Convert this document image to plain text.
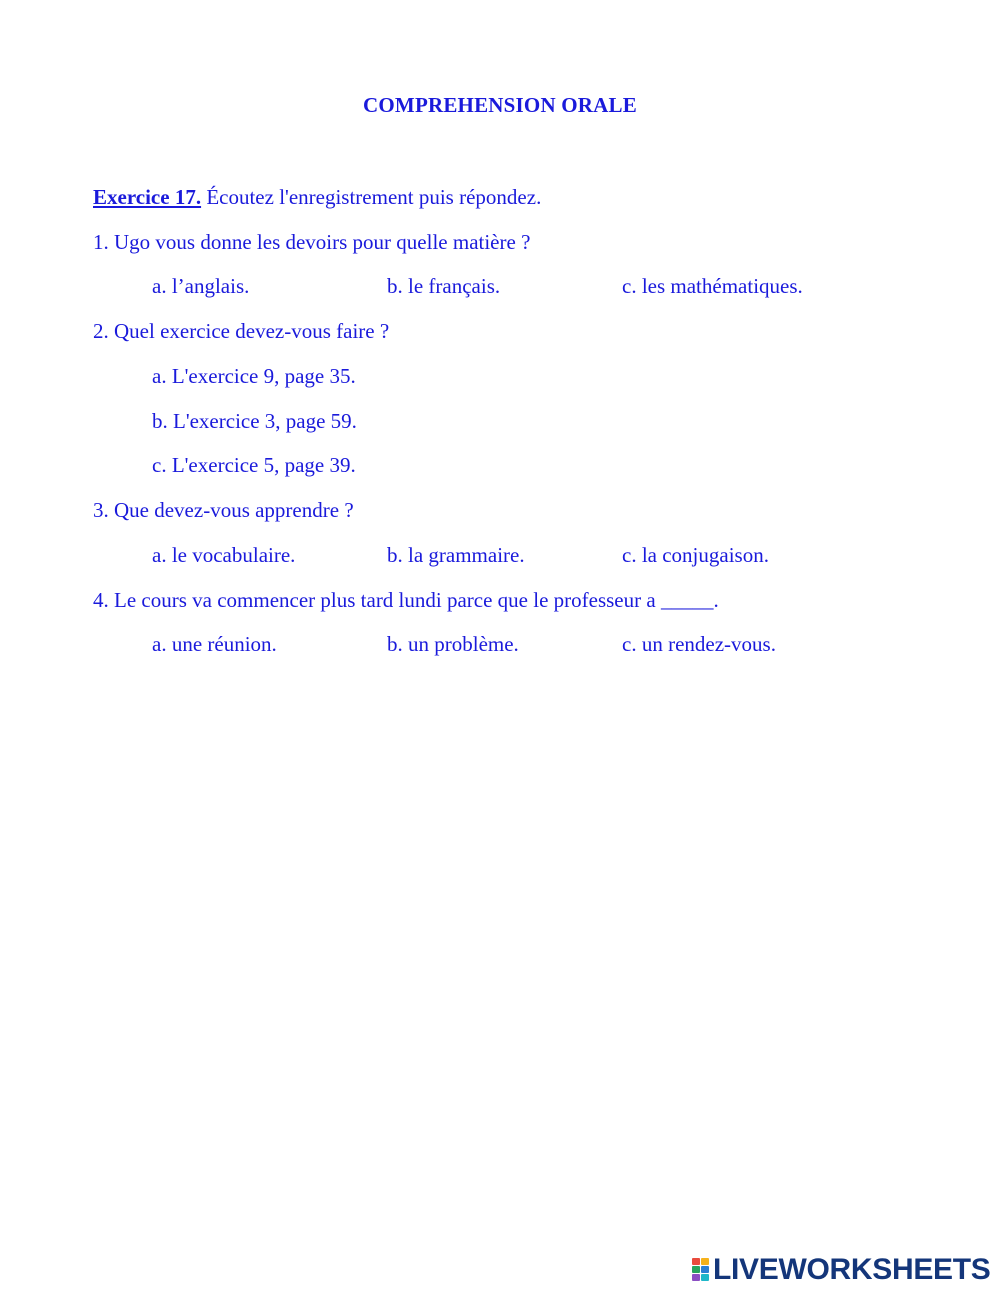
COMPREHENSION ORALE
Exercice 17. Écoutez l'enregistrement puis répondez.
1. Ugo vous donne les devoirs pour quelle matière ?
a. l’anglais.	b. le français.	c. les mathématiques.
2. Quel exercice devez-vous faire ?
a. L'exercice 9, page 35.
b. L'exercice 3, page 59.
c. L'exercice 5, page 39.
3. Que devez-vous apprendre ?
a. le vocabulaire.	b. la grammaire.	c. la conjugaison.
4. Le cours va commencer plus tard lundi parce que le professeur a _____.
a. une réunion.	b. un problème.	c. un rendez-vous.
LIVEWORKSHEETS
